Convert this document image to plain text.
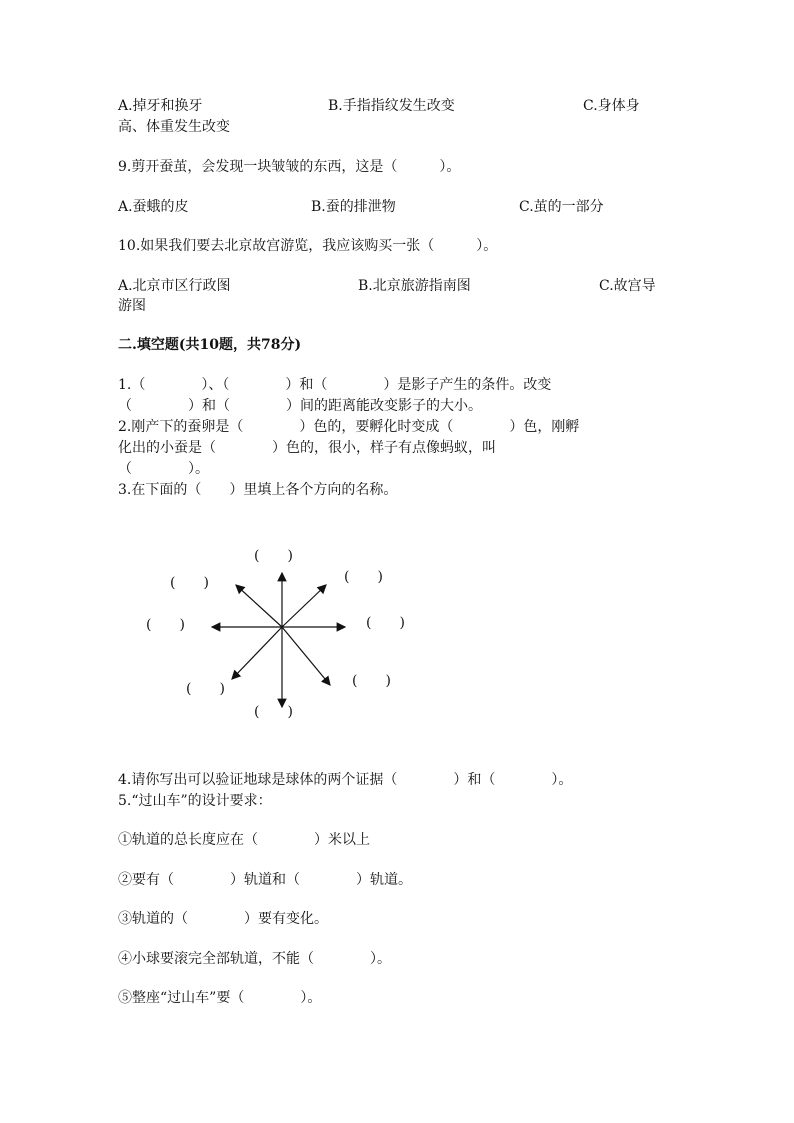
A.掉牙和换牙	B.手指指纹发生改变	C.身体身
高、体重发生改变
9.剪开蚕茧，会发现一块皱皱的东西，这是（　　　）。
A.蚕蛾的皮	B.蚕的排泄物	C.茧的一部分
10.如果我们要去北京故宫游览，我应该购买一张（　　　）。
A.北京市区行政图	B.北京旅游指南图	C.故宫导
游图
二.填空题(共10题，共78分)
1.（　　　　）、（　　　　）和（　　　　）是影子产生的条件。改变
（　　　　）和（　　　　）间的距离能改变影子的大小。
2.刚产下的蚕卵是（　　　　）色的，要孵化时变成（　　　　）色，刚孵
化出的小蚕是（　　　　）色的，很小，样子有点像蚂蚁，叫
（　　　　）。
3.在下面的（　　）里填上各个方向的名称。
(　　)
(　　)	(　　)
(　　)	(　　)
(　　)	(　　)
(　　)
4.请你写出可以验证地球是球体的两个证据（　　　　）和（　　　　）。
5.“过山车”的设计要求：
①轨道的总长度应在（　　　　）米以上
②要有（　　　　）轨道和（　　　　）轨道。
③轨道的（　　　　）要有变化。
④小球要滚完全部轨道，不能（　　　　）。
⑤整座“过山车”要（　　　　）。
